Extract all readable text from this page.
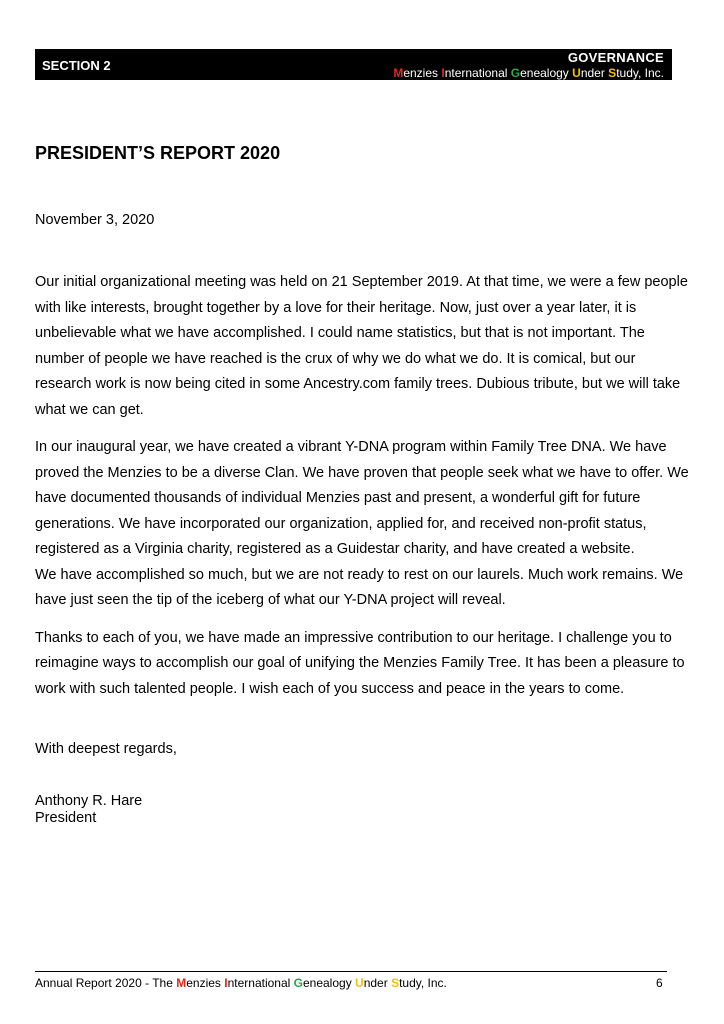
SECTION 2
GOVERNANCE
Menzies International Genealogy Under Study, Inc.
PRESIDENT’S REPORT 2020
November 3, 2020

Our initial organizational meeting was held on 21 September 2019. At that time, we were a few people with like interests, brought together by a love for their heritage. Now, just over a year later, it is unbelievable what we have accomplished. I could name statistics, but that is not important. The number of people we have reached is the crux of why we do what we do. It is comical, but our research work is now being cited in some Ancestry.com family trees. Dubious tribute, but we will take what we can get.

In our inaugural year, we have created a vibrant Y-DNA program within Family Tree DNA. We have proved the Menzies to be a diverse Clan. We have proven that people seek what we have to offer. We have documented thousands of individual Menzies past and present, a wonderful gift for future generations. We have incorporated our organization, applied for, and received non-profit status, registered as a Virginia charity, registered as a Guidestar charity, and have created a website.

We have accomplished so much, but we are not ready to rest on our laurels. Much work remains. We have just seen the tip of the iceberg of what our Y-DNA project will reveal.

Thanks to each of you, we have made an impressive contribution to our heritage. I challenge you to reimagine ways to accomplish our goal of unifying the Menzies Family Tree. It has been a pleasure to work with such talented people. I wish each of you success and peace in the years to come.

With deepest regards,
Anthony R. Hare
President
Annual Report 2020 - The Menzies International Genealogy Under Study, Inc.	6
